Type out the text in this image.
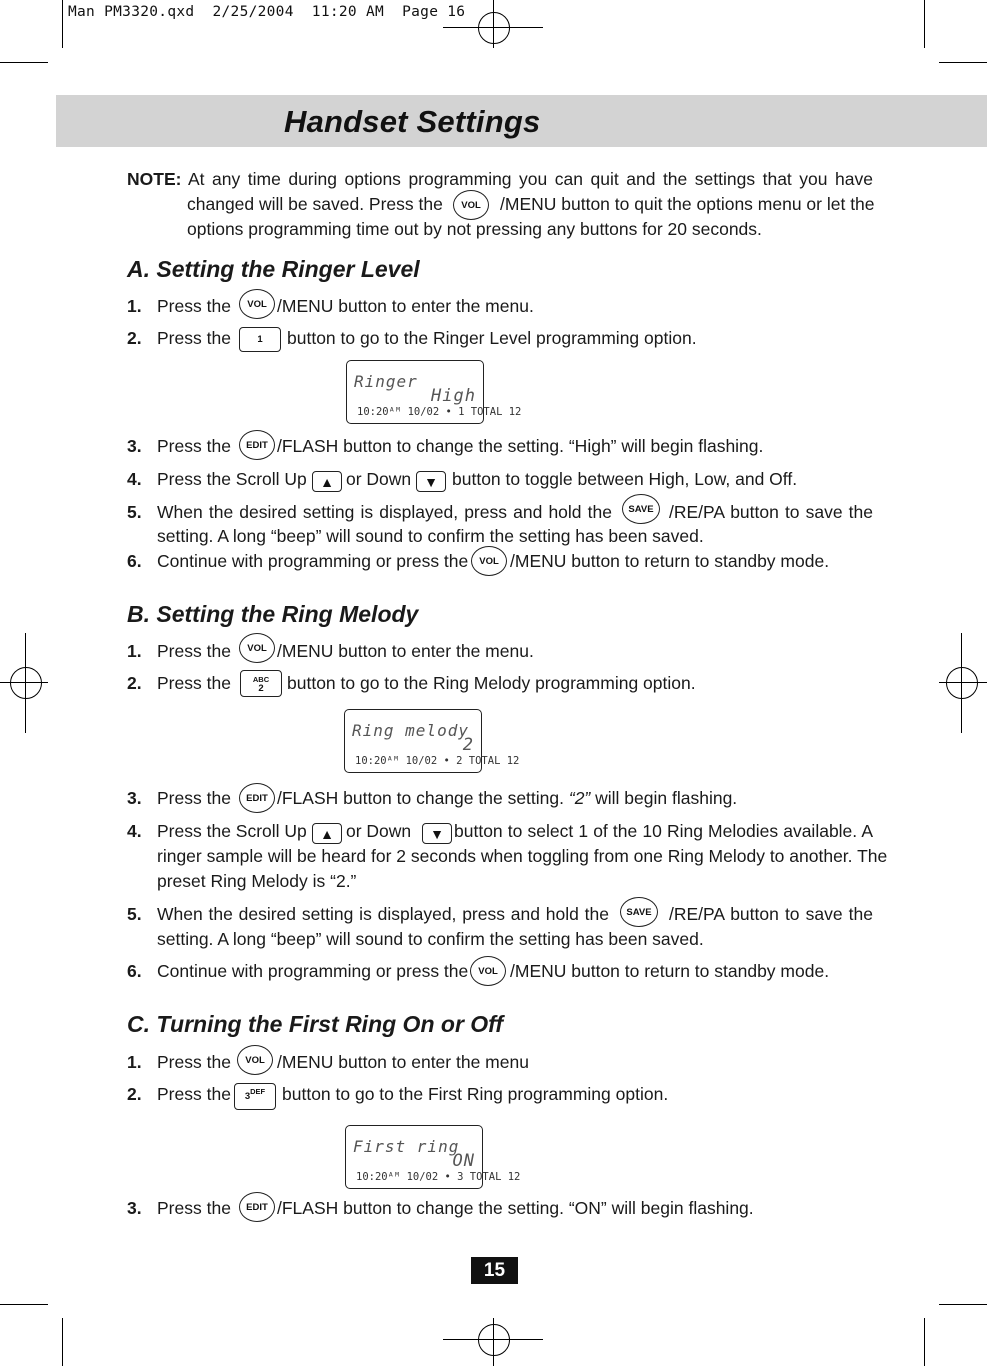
Man PM3320.qxd  2/25/2004  11:20 AM  Page 16
Handset Settings
NOTE: At any time during options programming you can quit and the settings that you have
changed will be saved. Press the	VOL	/MENU button to quit the options menu or let the
options programming time out by not pressing any buttons for 20 seconds.
A. Setting the Ringer Level
1. Press the	VOL /MENU button to enter the menu.
2. Press the	1 button to go to the Ringer Level programming option.
Ringer
High
10:20ᴬᴹ 10/02 • 1 TOTAL 12
3. Press the	EDIT /FLASH button to change the setting. “High” will begin flashing.
4. Press the Scroll Up ▲ or Down ▼ button to toggle between High, Low, and Off.
5. When the desired setting is displayed, press and hold the	SAVE /RE/PA button to save the
setting. A long “beep” will sound to confirm the setting has been saved.
6. Continue with programming or press the	VOL /MENU button to return to standby mode.
B. Setting the Ring Melody
1. Press the	VOL /MENU button to enter the menu.
2. Press the	ABC
2 button to go to the Ring Melody programming option.
Ring melody
2
10:20ᴬᴹ 10/02 • 2 TOTAL 12
3. Press the	EDIT /FLASH button to change the setting. “2” will begin flashing.
4. Press the Scroll Up ▲ or Down	▼ button to select 1 of the 10 Ring Melodies available. A
ringer sample will be heard for 2 seconds when toggling from one Ring Melody to another. The
preset Ring Melody is “2.”
5. When the desired setting is displayed, press and hold the	SAVE /RE/PA button to save the
setting. A long “beep” will sound to confirm the setting has been saved.
6. Continue with programming or press the	VOL /MENU button to return to standby mode.
C. Turning the First Ring On or Off
1. Press the	VOL /MENU button to enter the menu
2. Press the 3 DEF button to go to the First Ring programming option.
First ring
ON
10:20ᴬᴹ 10/02 • 3 TOTAL 12
3. Press the	EDIT /FLASH button to change the setting. “ON” will begin flashing.
15
